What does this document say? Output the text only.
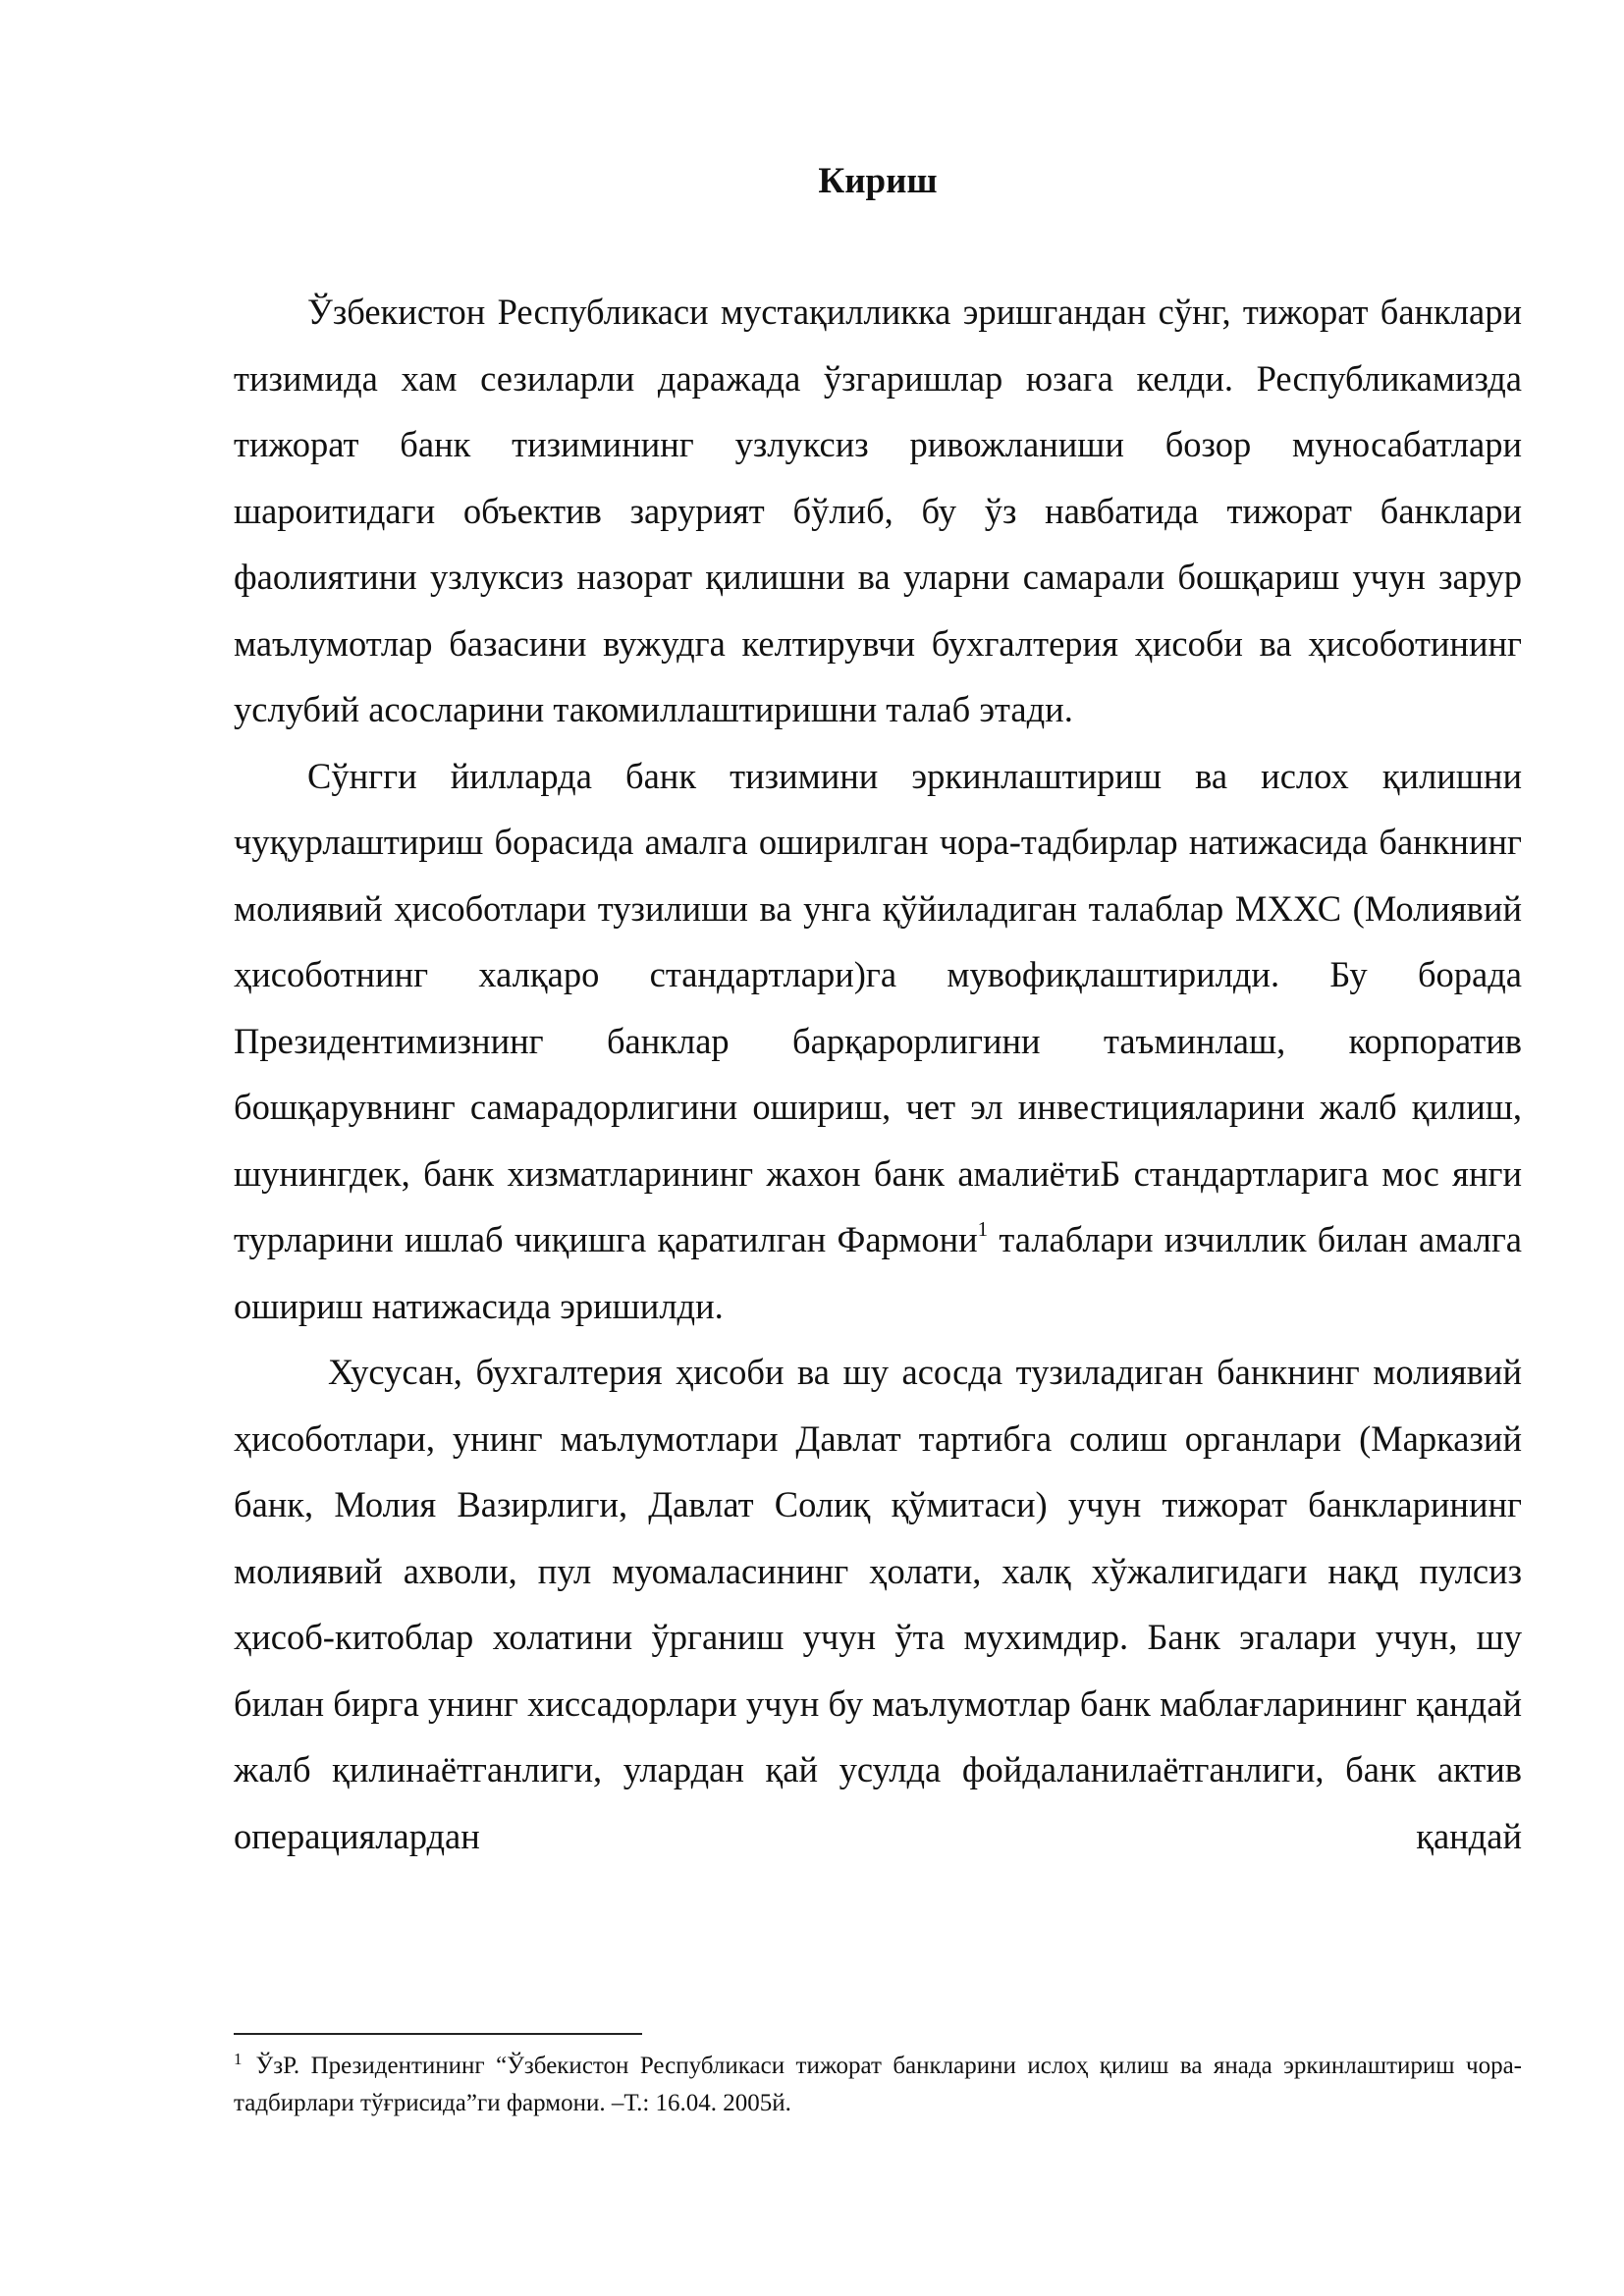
Кириш

Ўзбекистон Республикаси мустақилликка эришгандан сўнг, тижорат банклари тизимида хам сезиларли даражада ўзгаришлар юзага келди. Республикамизда тижорат банк тизимининг узлуксиз ривожланиши бозор муносабатлари шароитидаги объектив зарурият бўлиб, бу ўз навбатида тижорат банклари фаолиятини узлуксиз назорат қилишни ва уларни самарали бошқариш учун зарур маълумотлар базасини вужудга келтирувчи бухгалтерия ҳисоби ва ҳисоботининг услубий асосларини такомиллаштиришни талаб этади.

Сўнгги йилларда банк тизимини эркинлаштириш ва ислох қилишни чуқурлаштириш борасида амалга оширилган чора-тадбирлар натижасида банкнинг молиявий ҳисоботлари тузилиши ва унга қўйиладиган талаблар МХХС (Молиявий ҳисоботнинг халқаро стандартлари)га мувофиқлаштирилди. Бу борада Президентимизнинг банклар барқарорлигини таъминлаш, корпоратив бошқарувнинг самарадорлигини ошириш, чет эл инвестицияларини жалб қилиш, шунингдек, банк хизматларининг жахон банк амалиётиБ стандартларига мос янги турларини ишлаб чиқишга қаратилган Фармони$^1$ талаблари изчиллик билан амалга ошириш натижасида эришилди.

Хусусан, бухгалтерия ҳисоби ва шу асосда тузиладиган банкнинг молиявий ҳисоботлари, унинг маълумотлари Давлат тартибга солиш органлари (Марказий банк, Молия Вазирлиги, Давлат Солиқ қўмитаси) учун тижорат банкларининг молиявий ахволи, пул муомаласининг ҳолати, халқ хўжалигидаги нақд пулсиз ҳисоб-китоблар холатини ўрганиш учун ўта мухимдир. Банк эгалари учун, шу билан бирга унинг хиссадорлари учун бу маълумотлар банк маблағларининг қандай жалб қилинаётганлиги, улардан қай усулда фойдаланилаётганлиги, банк актив операциялардан қандай

$^1$ ЎзР. Президентининг “Ўзбекистон Республикаси тижорат банкларини ислоҳ қилиш ва янада эркинлаштириш чора-тадбирлари тўғрисида”ги фармони. –Т.: 16.04. 2005й.
